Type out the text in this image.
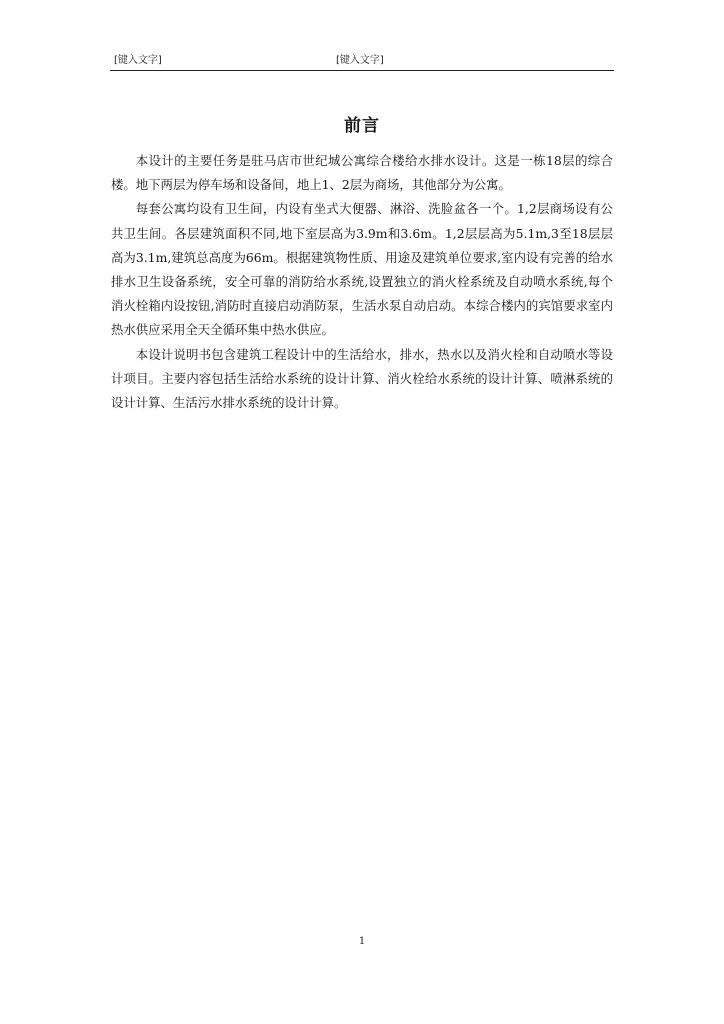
[键入文字]	[键入文字]
前言

本设计的主要任务是驻马店市世纪城公寓综合楼给水排水设计。这是一栋18层的综合楼。地下两层为停车场和设备间，地上1、2层为商场，其他部分为公寓。

每套公寓均设有卫生间，内设有坐式大便器、淋浴、洗脸盆各一个。1,2层商场设有公共卫生间。各层建筑面积不同,地下室层高为3.9m和3.6m。1,2层层高为5.1m,3至18层层高为3.1m,建筑总高度为66m。根据建筑物性质、用途及建筑单位要求,室内设有完善的给水排水卫生设备系统，安全可靠的消防给水系统,设置独立的消火栓系统及自动喷水系统,每个消火栓箱内设按钮,消防时直接启动消防泵，生活水泵自动启动。本综合楼内的宾馆要求室内热水供应采用全天全循环集中热水供应。

本设计说明书包含建筑工程设计中的生活给水，排水，热水以及消火栓和自动喷水等设计项目。主要内容包括生活给水系统的设计计算、消火栓给水系统的设计计算、喷淋系统的设计计算、生活污水排水系统的设计计算。

1
